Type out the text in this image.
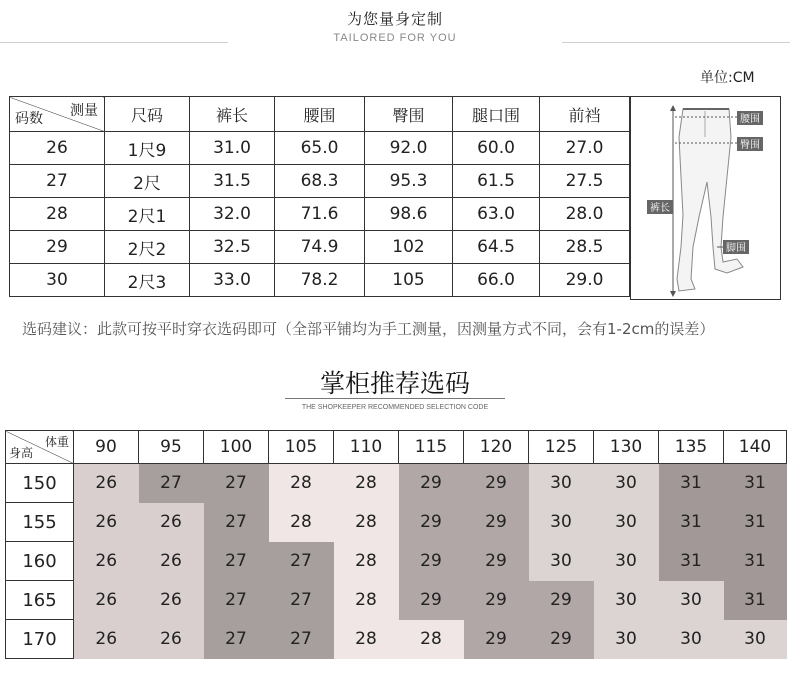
为您量身定制
TAILORED FOR YOU
单位:CM
测量
码数	尺码	裤长	腰围	臀围	腿口围	前裆
26	1尺9	31.0	65.0	92.0	60.0	27.0
27	2尺	31.5	68.3	95.3	61.5	27.5
28	2尺1	32.0	71.6	98.6	63.0	28.0
29	2尺2	32.5	74.9	102	64.5	28.5
30	2尺3	33.0	78.2	105	66.0	29.0
腰围
臀围
裤长
脚围
选码建议：此款可按平时穿衣选码即可（全部平铺均为手工测量，因测量方式不同，会有1-2cm的误差）
掌柜推荐选码
THE SHOPKEEPER RECOMMENDED SELECTION CODE
体重
身高	90	95	100	105	110	115	120	125	130	135	140
150	26	27	27	28	28	29	29	30	30	31	31
155	26	26	27	28	28	29	29	30	30	31	31
160	26	26	27	27	28	29	29	30	30	31	31
165	26	26	27	27	28	29	29	29	30	30	31
170	26	26	27	27	28	28	29	29	30	30	30
